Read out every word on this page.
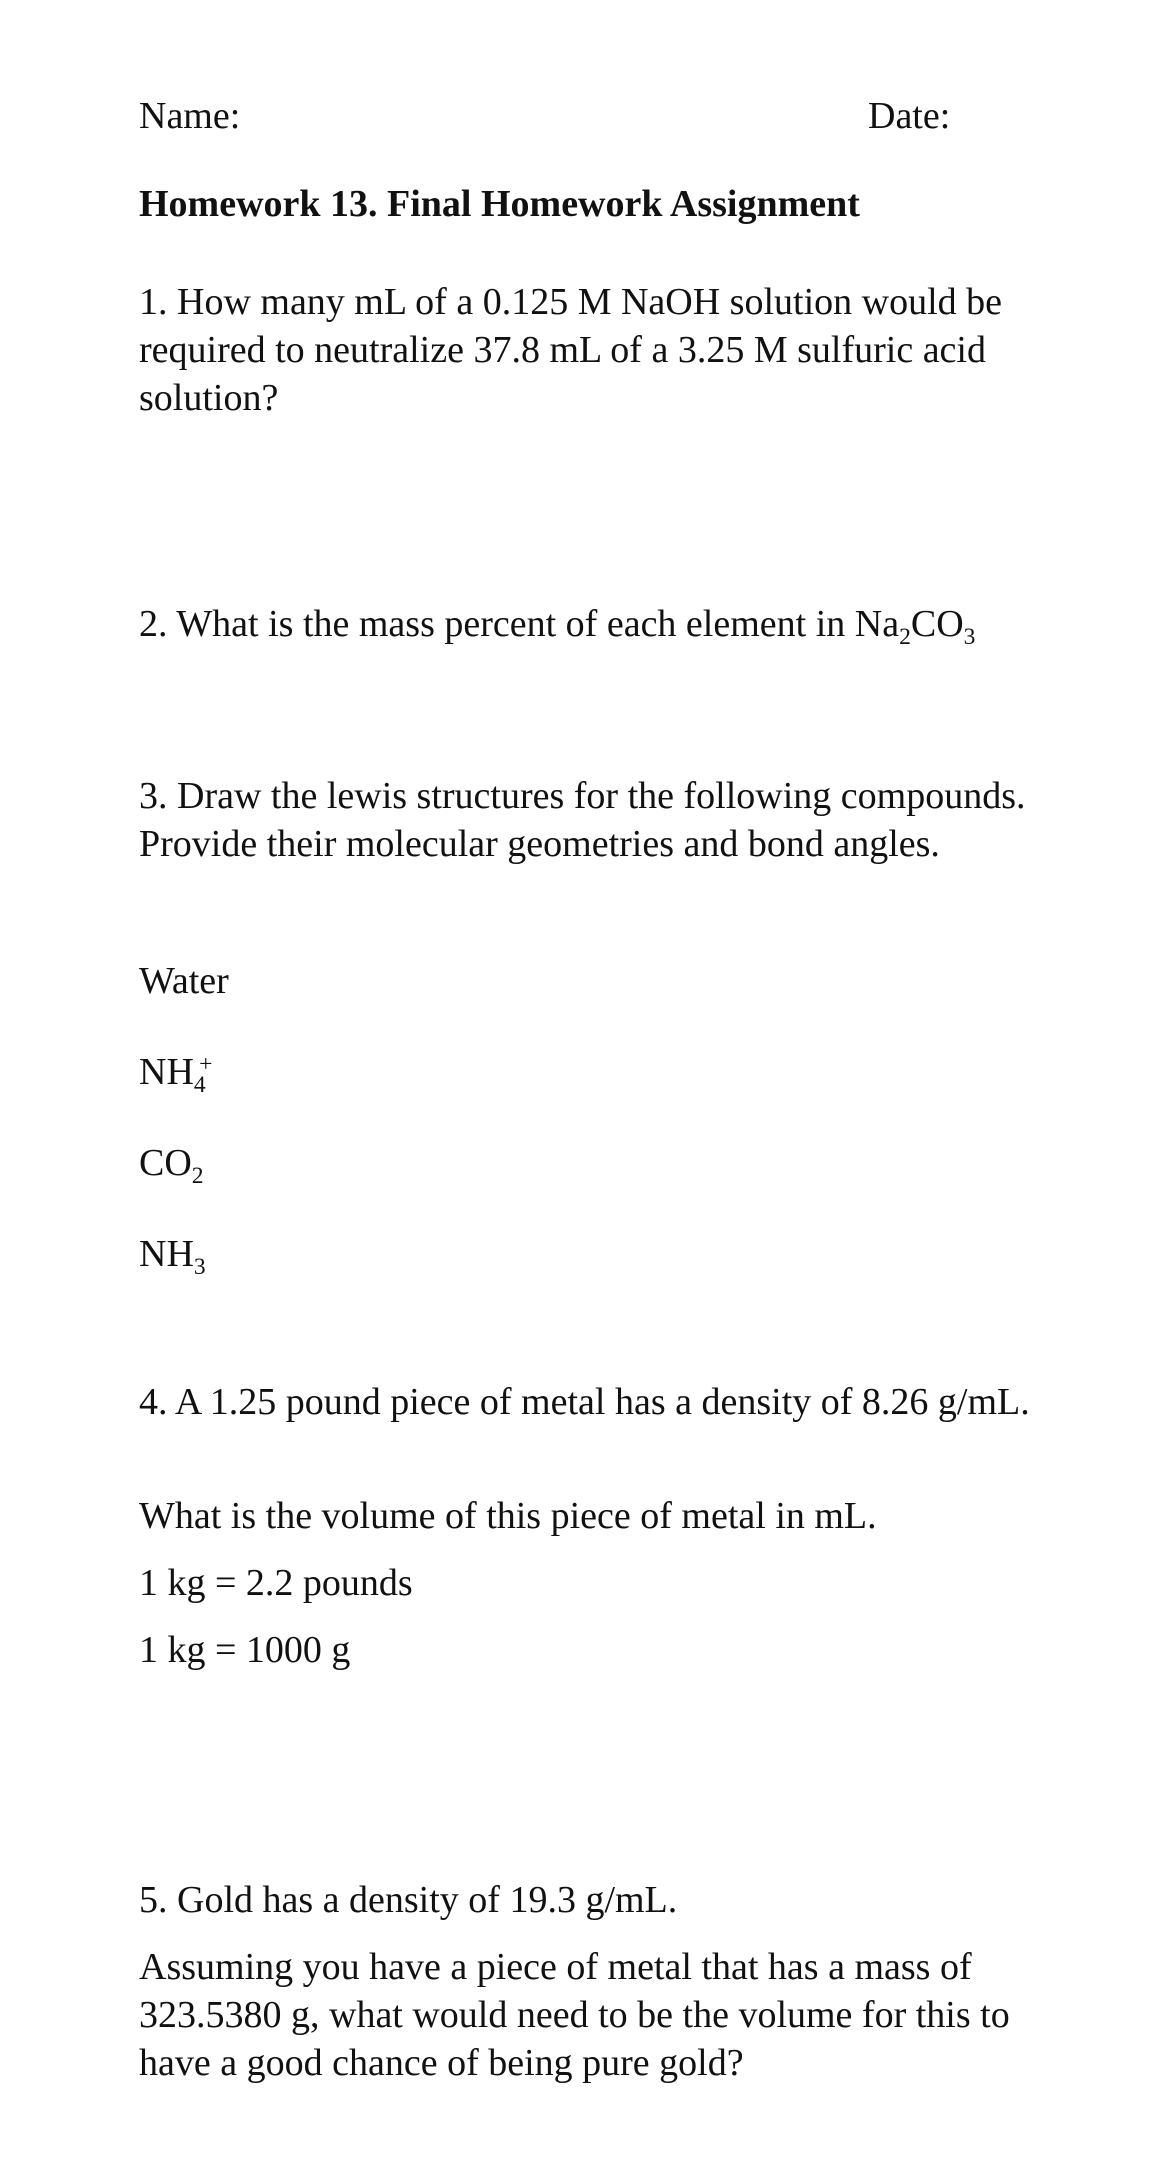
Name:	Date:
Homework 13. Final Homework Assignment

1. How many mL of a 0.125 M NaOH solution would be required to neutralize 37.8 mL of a 3.25 M sulfuric acid solution?

2. What is the mass percent of each element in $Na_2CO_3$

3. Draw the lewis structures for the following compounds. Provide their molecular geometries and bond angles.

Water
$NH_4^+$
$CO_2$
$NH_3$

4. A 1.25 pound piece of metal has a density of 8.26 g/mL.

What is the volume of this piece of metal in mL.
1 kg = 2.2 pounds
1 kg = 1000 g
5. Gold has a density of 19.3 g/mL.

Assuming you have a piece of metal that has a mass of 323.5380 g, what would need to be the volume for this to have a good chance of being pure gold?
